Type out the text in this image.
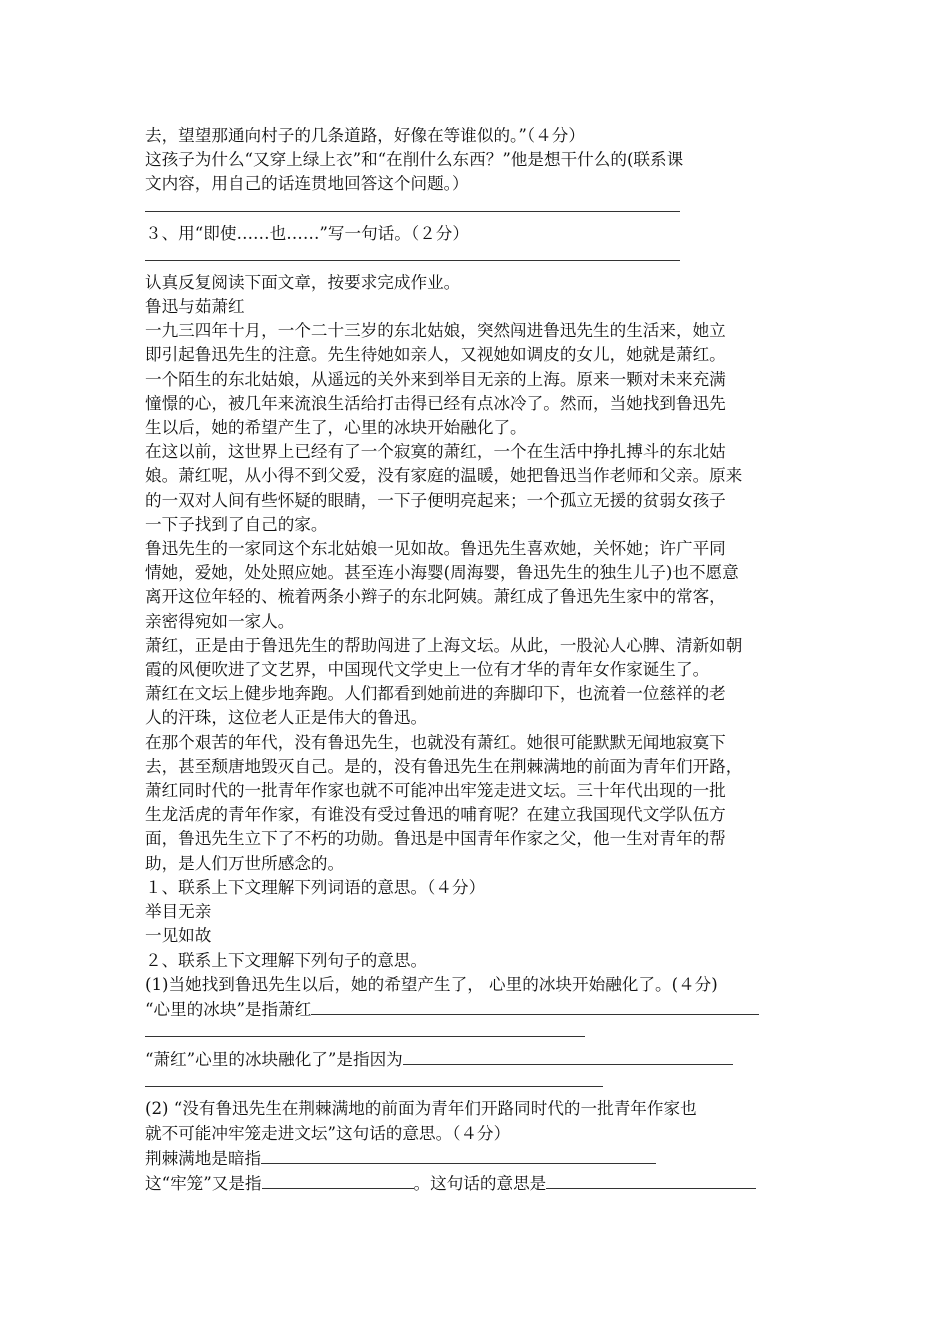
去，望望那通向村子的几条道路，好像在等谁似的。”（４分）
这孩子为什么“又穿上绿上衣”和“在削什么东西？”他是想干什么的(联系课
文内容，用自己的话连贯地回答这个问题。）
３、用“即使……也……”写一句话。（２分）
认真反复阅读下面文章，按要求完成作业。
鲁迅与茹萧红
一九三四年十月，一个二十三岁的东北姑娘，突然闯进鲁迅先生的生活来，她立
即引起鲁迅先生的注意。先生待她如亲人，又视她如调皮的女儿，她就是萧红。
一个陌生的东北姑娘，从遥远的关外来到举目无亲的上海。原来一颗对未来充满
憧憬的心，被几年来流浪生活给打击得已经有点冰冷了。然而，当她找到鲁迅先
生以后，她的希望产生了，心里的冰块开始融化了。
在这以前，这世界上已经有了一个寂寞的萧红，一个在生活中挣扎搏斗的东北姑
娘。萧红呢，从小得不到父爱，没有家庭的温暖，她把鲁迅当作老师和父亲。原来
的一双对人间有些怀疑的眼睛，一下子便明亮起来；一个孤立无援的贫弱女孩子
一下子找到了自己的家。
鲁迅先生的一家同这个东北姑娘一见如故。鲁迅先生喜欢她，关怀她；许广平同
情她，爱她，处处照应她。甚至连小海婴(周海婴，鲁迅先生的独生儿子)也不愿意
离开这位年轻的、梳着两条小辫子的东北阿姨。萧红成了鲁迅先生家中的常客，
亲密得宛如一家人。
萧红，正是由于鲁迅先生的帮助闯进了上海文坛。从此，一股沁人心脾、清新如朝
霞的风便吹进了文艺界，中国现代文学史上一位有才华的青年女作家诞生了。
萧红在文坛上健步地奔跑。人们都看到她前进的奔脚印下，也流着一位慈祥的老
人的汗珠，这位老人正是伟大的鲁迅。
在那个艰苦的年代，没有鲁迅先生，也就没有萧红。她很可能默默无闻地寂寞下
去，甚至颓唐地毁灭自己。是的，没有鲁迅先生在荆棘满地的前面为青年们开路，
萧红同时代的一批青年作家也就不可能冲出牢笼走进文坛。三十年代出现的一批
生龙活虎的青年作家，有谁没有受过鲁迅的哺育呢？在建立我国现代文学队伍方
面，鲁迅先生立下了不朽的功勋。鲁迅是中国青年作家之父，他一生对青年的帮
助，是人们万世所感念的。
１、联系上下文理解下列词语的意思。（４分）
举目无亲
一见如故
２、联系上下文理解下列句子的意思。
(1)当她找到鲁迅先生以后，她的希望产生了， 心里的冰块开始融化了。(４分)
“心里的冰块”是指萧红
“萧红”心里的冰块融化了”是指因为
(2) “没有鲁迅先生在荆棘满地的前面为青年们开路同时代的一批青年作家也
就不可能冲牢笼走进文坛”这句话的意思。（４分）
荆棘满地是暗指
这“牢笼”又是指	。这句话的意思是
